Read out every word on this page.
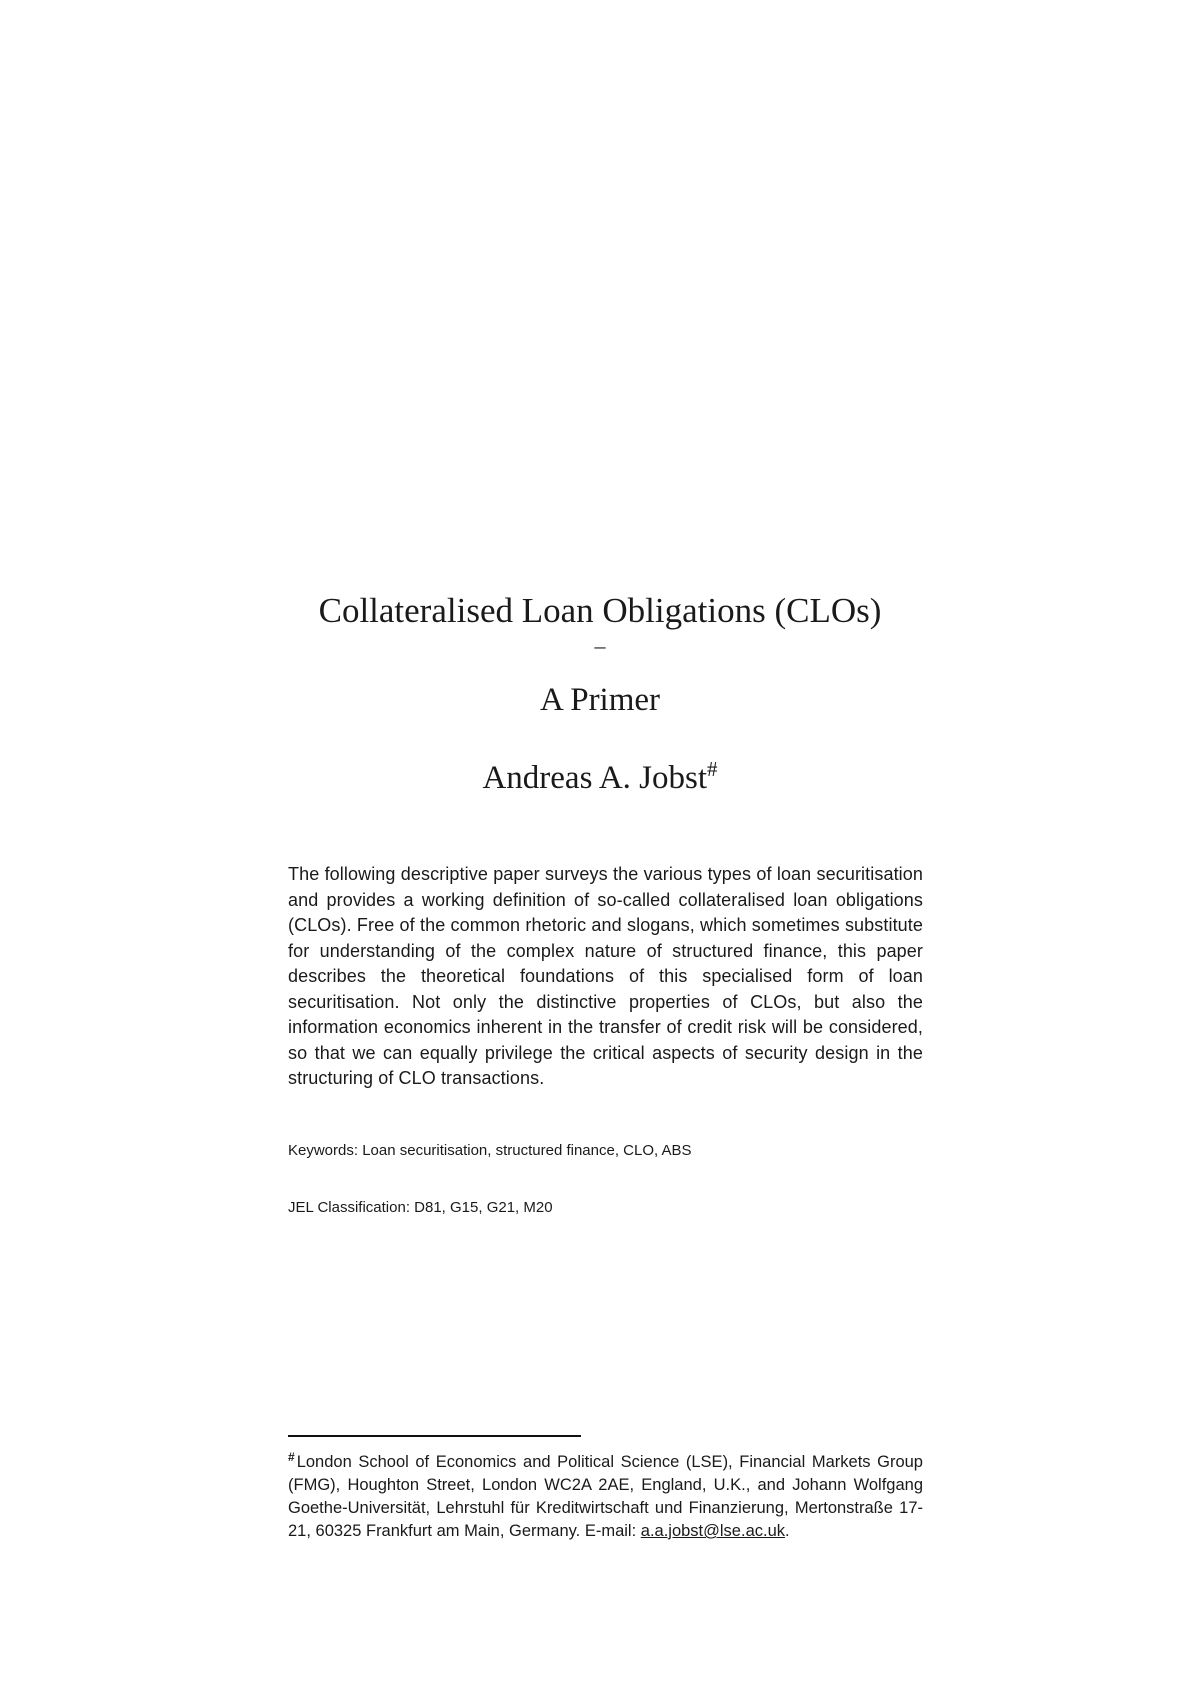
Collateralised Loan Obligations (CLOs)
–
A Primer
Andreas A. Jobst#

The following descriptive paper surveys the various types of loan securitisation and provides a working definition of so-called collateralised loan obligations (CLOs). Free of the common rhetoric and slogans, which sometimes substitute for understanding of the complex nature of structured finance, this paper describes the theoretical foundations of this specialised form of loan securitisation. Not only the distinctive properties of CLOs, but also the information economics inherent in the transfer of credit risk will be considered, so that we can equally privilege the critical aspects of security design in the structuring of CLO transactions.

Keywords: Loan securitisation, structured finance, CLO, ABS

JEL Classification: D81, G15, G21, M20

# London School of Economics and Political Science (LSE), Financial Markets Group (FMG), Houghton Street, London WC2A 2AE, England, U.K., and Johann Wolfgang Goethe-Universität, Lehrstuhl für Kreditwirtschaft und Finanzierung, Mertonstraße 17-21, 60325 Frankfurt am Main, Germany. E-mail: a.a.jobst@lse.ac.uk.
